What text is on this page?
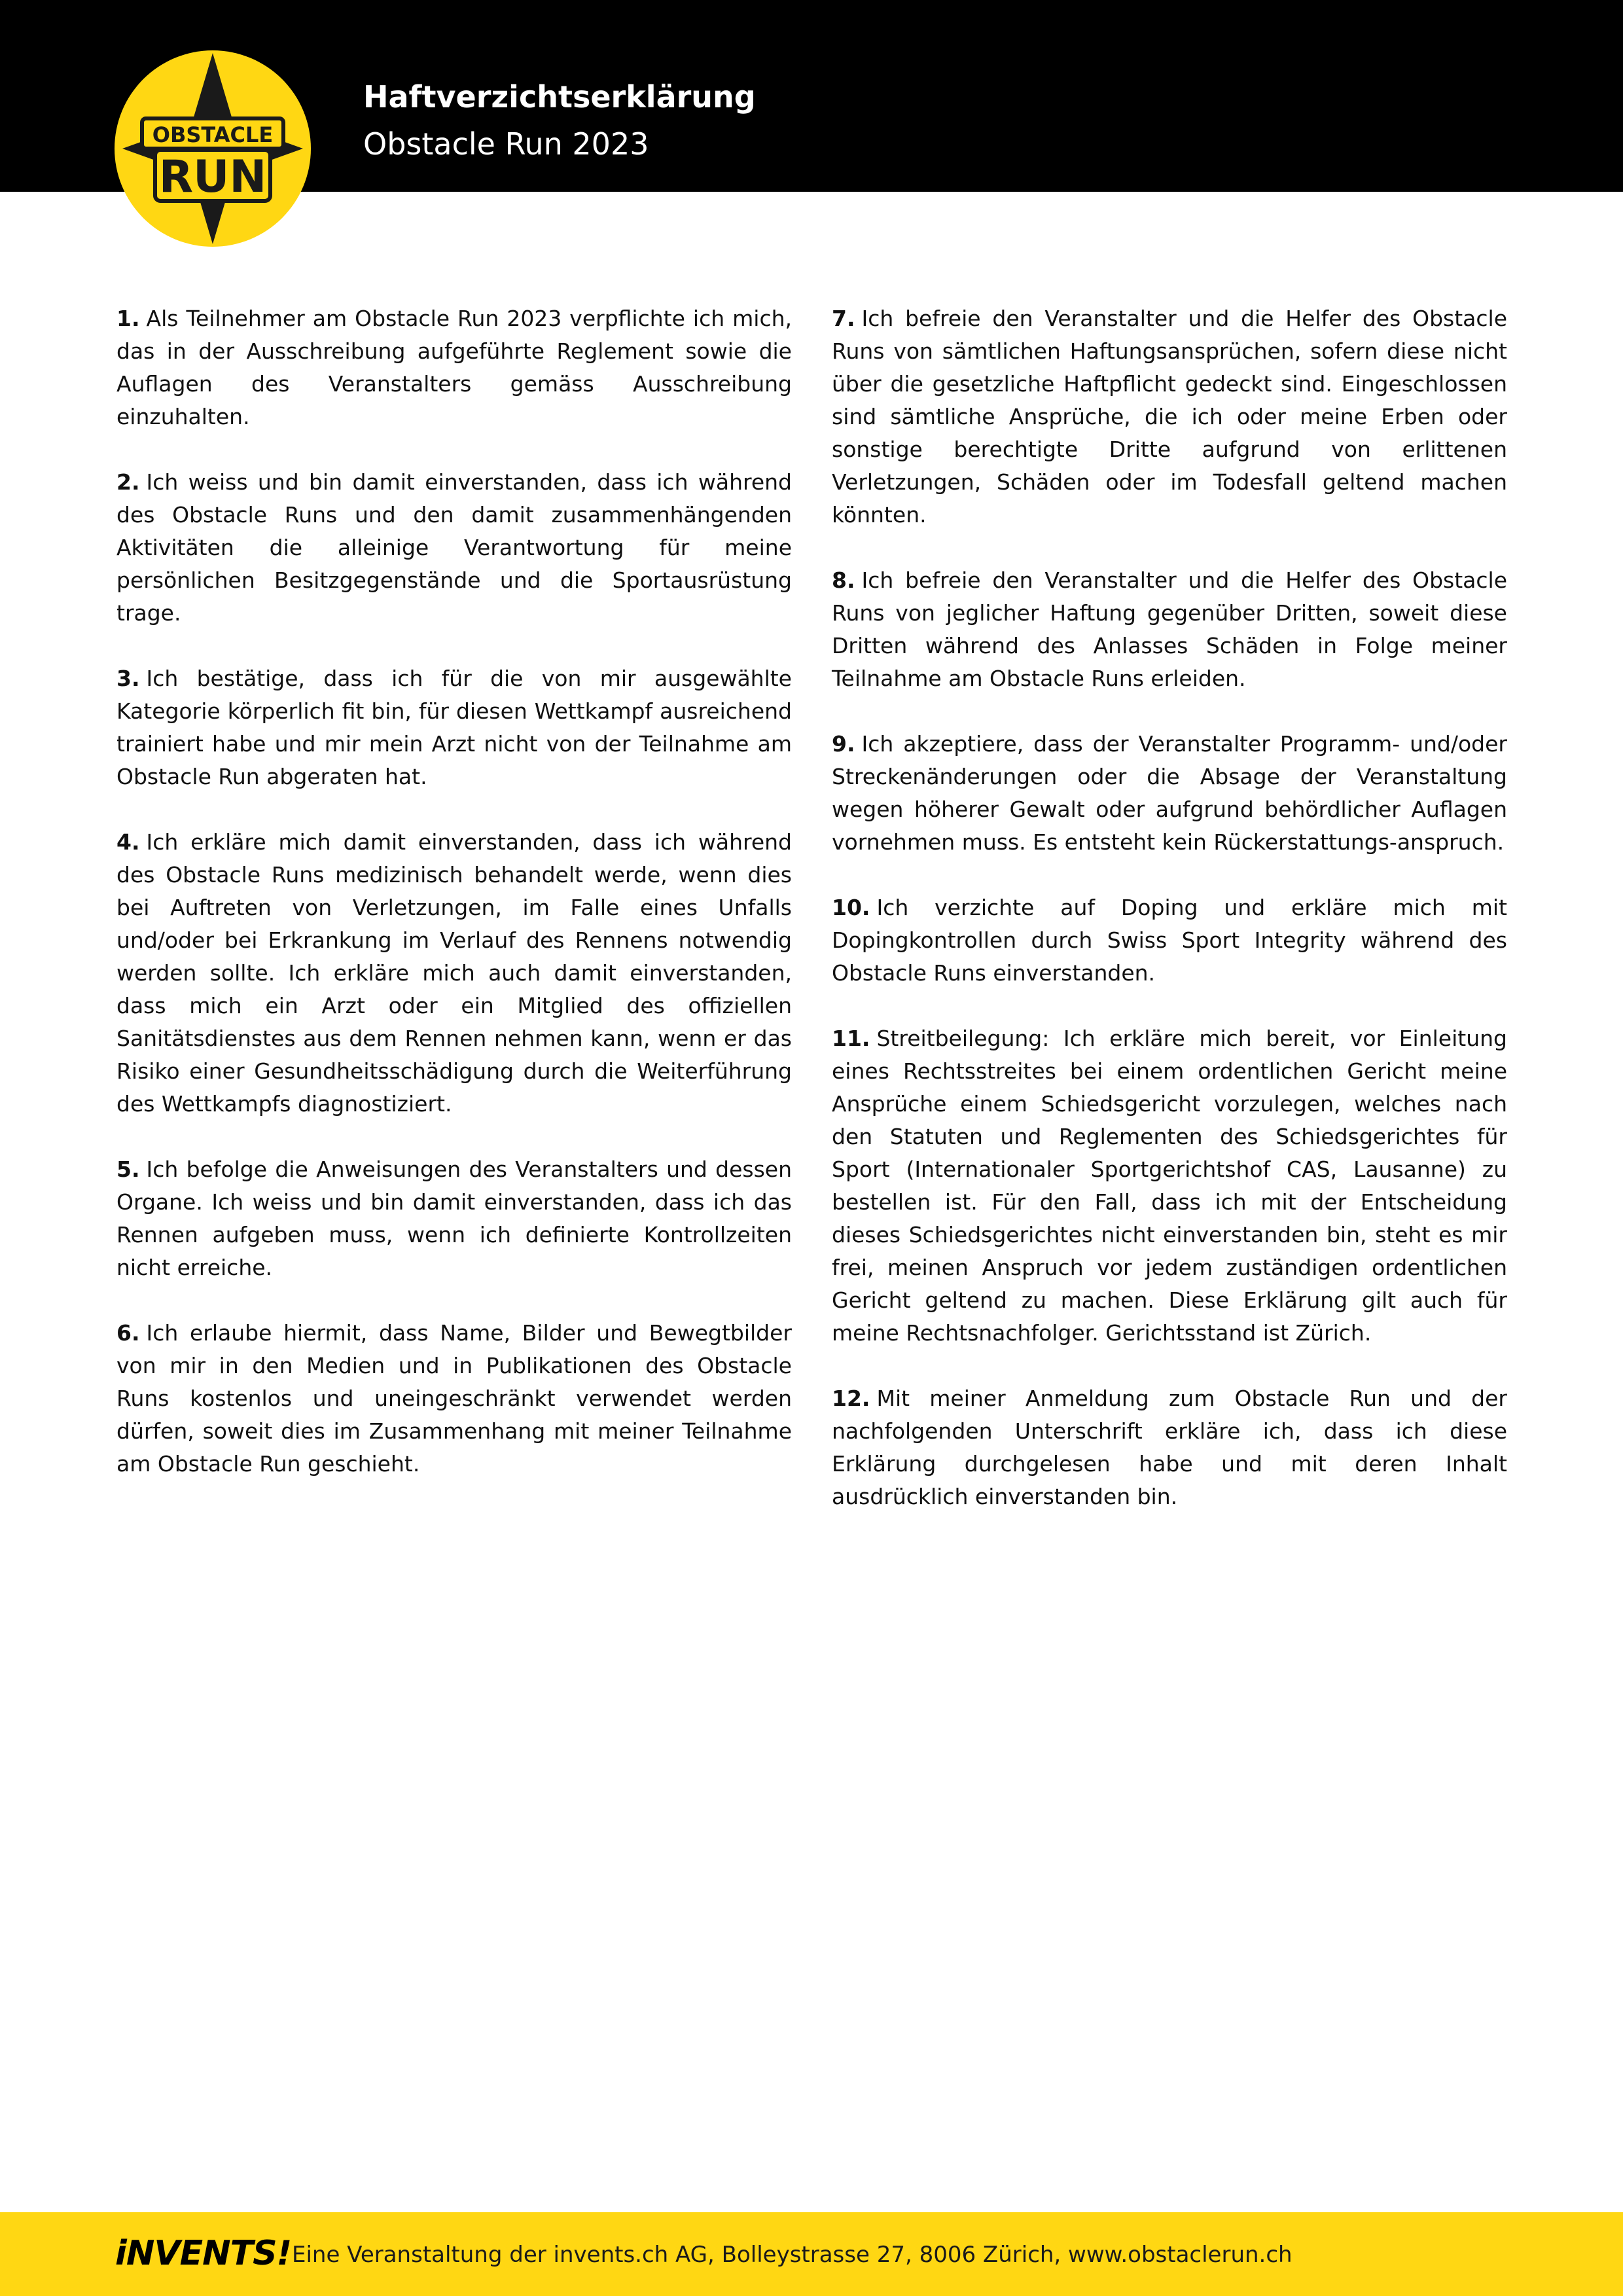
OBSTACLE
RUN
Haftverzichtserklärung
Obstacle Run 2023

1. Als Teilnehmer am Obstacle Run 2023 verpflichte ich mich, das in der Ausschreibung aufgeführte Reglement sowie die Auflagen des Veranstalters gemäss Ausschreibung einzuhalten.

2. Ich weiss und bin damit einverstanden, dass ich während des Obstacle Runs und den damit zusammenhängenden Aktivitäten die alleinige Verantwortung für meine persönlichen Besitzgegenstände und die Sportausrüstung trage.

3. Ich bestätige, dass ich für die von mir ausgewählte Kategorie körperlich fit bin, für diesen Wettkampf ausreichend trainiert habe und mir mein Arzt nicht von der Teilnahme am Obstacle Run abgeraten hat.

4. Ich erkläre mich damit einverstanden, dass ich während des Obstacle Runs medizinisch behandelt werde, wenn dies bei Auftreten von Verletzungen, im Falle eines Unfalls und/oder bei Erkrankung im Verlauf des Rennens notwendig werden sollte. Ich erkläre mich auch damit einverstanden, dass mich ein Arzt oder ein Mitglied des offiziellen Sanitätsdienstes aus dem Rennen nehmen kann, wenn er das Risiko einer Gesundheitsschädigung durch die Weiterführung des Wettkampfs diagnostiziert.

5. Ich befolge die Anweisungen des Veranstalters und dessen Organe. Ich weiss und bin damit einverstanden, dass ich das Rennen aufgeben muss, wenn ich definierte Kontrollzeiten nicht erreiche.

6. Ich erlaube hiermit, dass Name, Bilder und Bewegtbilder von mir in den Medien und in Publikationen des Obstacle Runs kostenlos und uneingeschränkt verwendet werden dürfen, soweit dies im Zusammenhang mit meiner Teilnahme am Obstacle Run geschieht.

7. Ich befreie den Veranstalter und die Helfer des Obstacle Runs von sämtlichen Haftungsansprüchen, sofern diese nicht über die gesetzliche Haftpflicht gedeckt sind. Eingeschlossen sind sämtliche Ansprüche, die ich oder meine Erben oder sonstige berechtigte Dritte aufgrund von erlittenen Verletzungen, Schäden oder im Todesfall geltend machen könnten.

8. Ich befreie den Veranstalter und die Helfer des Obstacle Runs von jeglicher Haftung gegenüber Dritten, soweit diese Dritten während des Anlasses Schäden in Folge meiner Teilnahme am Obstacle Runs erleiden.

9. Ich akzeptiere, dass der Veranstalter Programm- und/oder Streckenänderungen oder die Absage der Veranstaltung wegen höherer Gewalt oder aufgrund behördlicher Auflagen vornehmen muss. Es entsteht kein Rückerstattungs-anspruch.

10. Ich verzichte auf Doping und erkläre mich mit Dopingkontrollen durch Swiss Sport Integrity während des Obstacle Runs einverstanden.

11. Streitbeilegung: Ich erkläre mich bereit, vor Einleitung eines Rechtsstreites bei einem ordentlichen Gericht meine Ansprüche einem Schiedsgericht vorzulegen, welches nach den Statuten und Reglementen des Schiedsgerichtes für Sport (Internationaler Sportgerichtshof CAS, Lausanne) zu bestellen ist. Für den Fall, dass ich mit der Entscheidung dieses Schiedsgerichtes nicht einverstanden bin, steht es mir frei, meinen Anspruch vor jedem zuständigen ordentlichen Gericht geltend zu machen. Diese Erklärung gilt auch für meine Rechtsnachfolger. Gerichtsstand ist Zürich.

12. Mit meiner Anmeldung zum Obstacle Run und der nachfolgenden Unterschrift erkläre ich, dass ich diese Erklärung durchgelesen habe und mit deren Inhalt ausdrücklich einverstanden bin.

iNVENTS! Eine Veranstaltung der invents.ch AG, Bolleystrasse 27, 8006 Zürich, www.obstaclerun.ch
